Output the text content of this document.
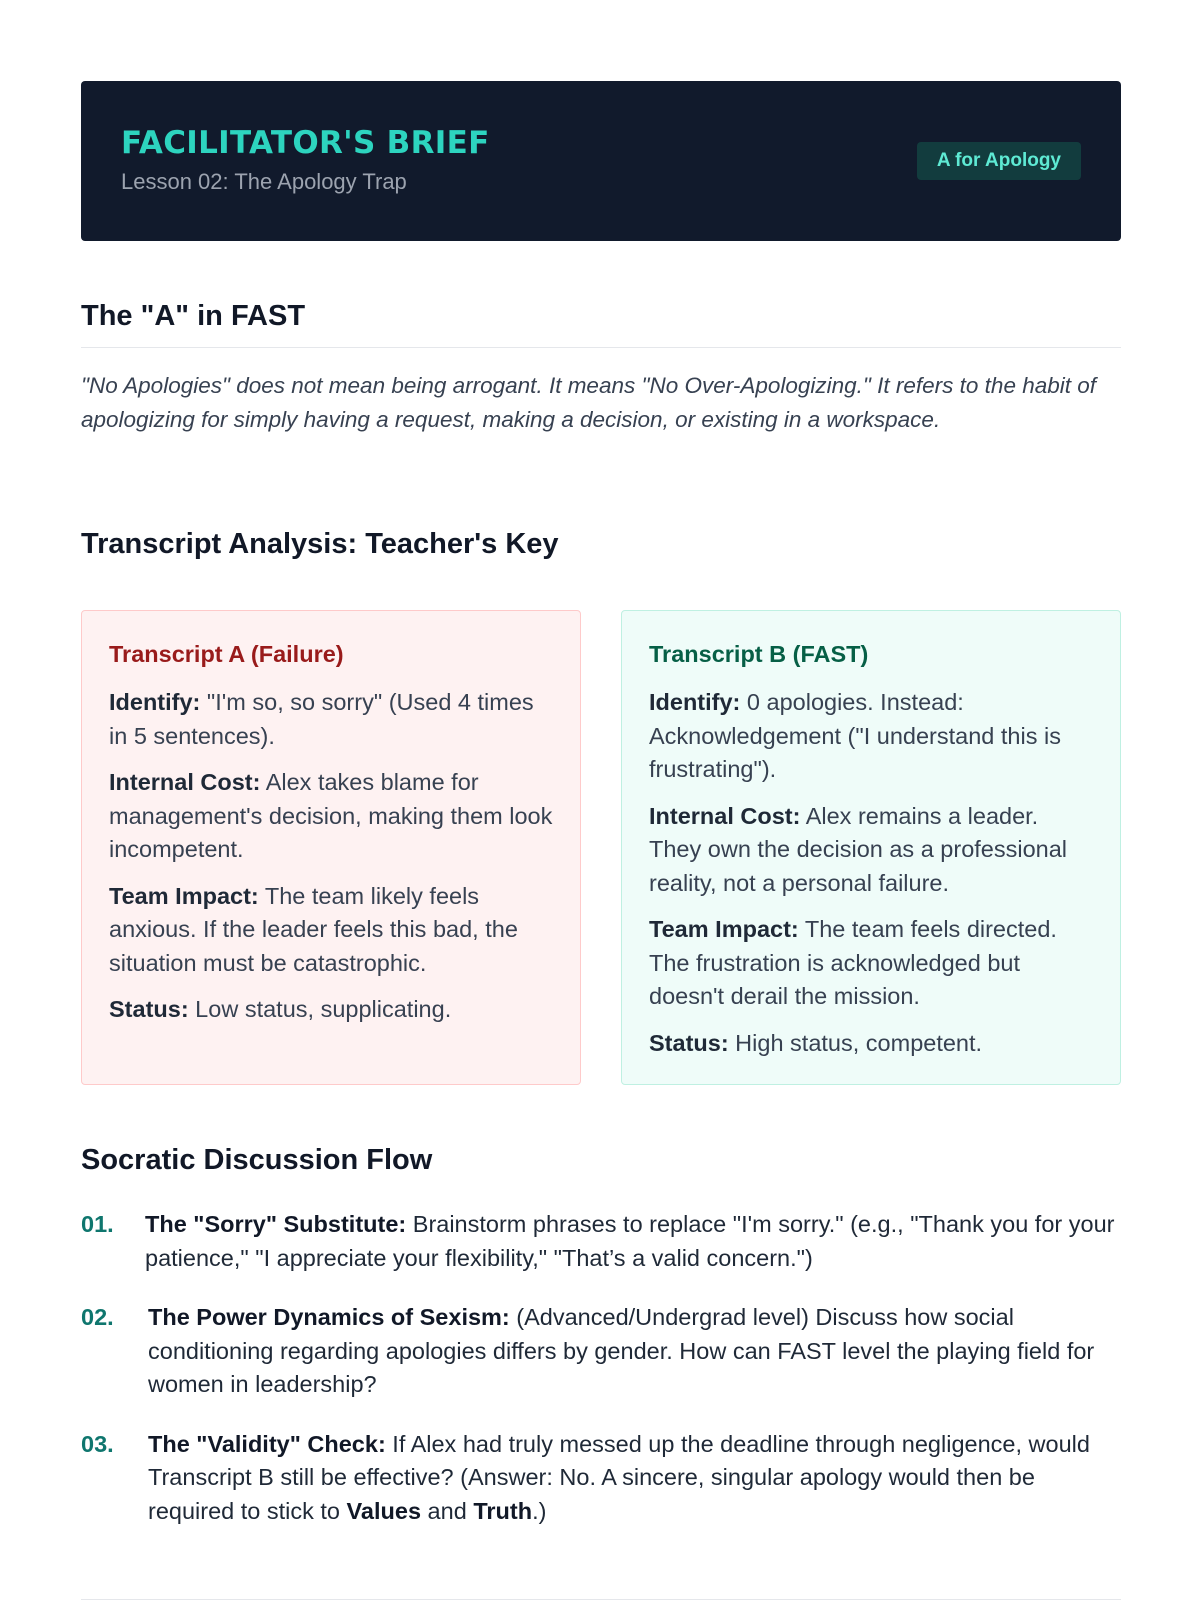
FACILITATOR'S BRIEF
Lesson 02: The Apology Trap
A for Apology
The "A" in FAST

"No Apologies" does not mean being arrogant. It means "No Over-Apologizing." It refers to the habit of apologizing for simply having a request, making a decision, or existing in a workspace.

Transcript Analysis: Teacher's Key
Transcript A (Failure)

Identify: "I'm so, so sorry" (Used 4 times in 5 sentences).

Internal Cost: Alex takes blame for management's decision, making them look incompetent.

Team Impact: The team likely feels anxious. If the leader feels this bad, the situation must be catastrophic.

Status: Low status, supplicating.

Transcript B (FAST)

Identify: 0 apologies. Instead: Acknowledgement ("I understand this is frustrating").

Internal Cost: Alex remains a leader. They own the decision as a professional reality, not a personal failure.

Team Impact: The team feels directed. The frustration is acknowledged but doesn't derail the mission.

Status: High status, competent.

Socratic Discussion Flow
01.	The "Sorry" Substitute: Brainstorm phrases to replace "I'm sorry." (e.g., "Thank you for your patience," "I appreciate your flexibility," "That’s a valid concern.")
02.	The Power Dynamics of Sexism: (Advanced/Undergrad level) Discuss how social conditioning regarding apologies differs by gender. How can FAST level the playing field for women in leadership?
03.	The "Validity" Check: If Alex had truly messed up the deadline through negligence, would Transcript B still be effective? (Answer: No. A sincere, singular apology would then be required to stick to Values and Truth.)
